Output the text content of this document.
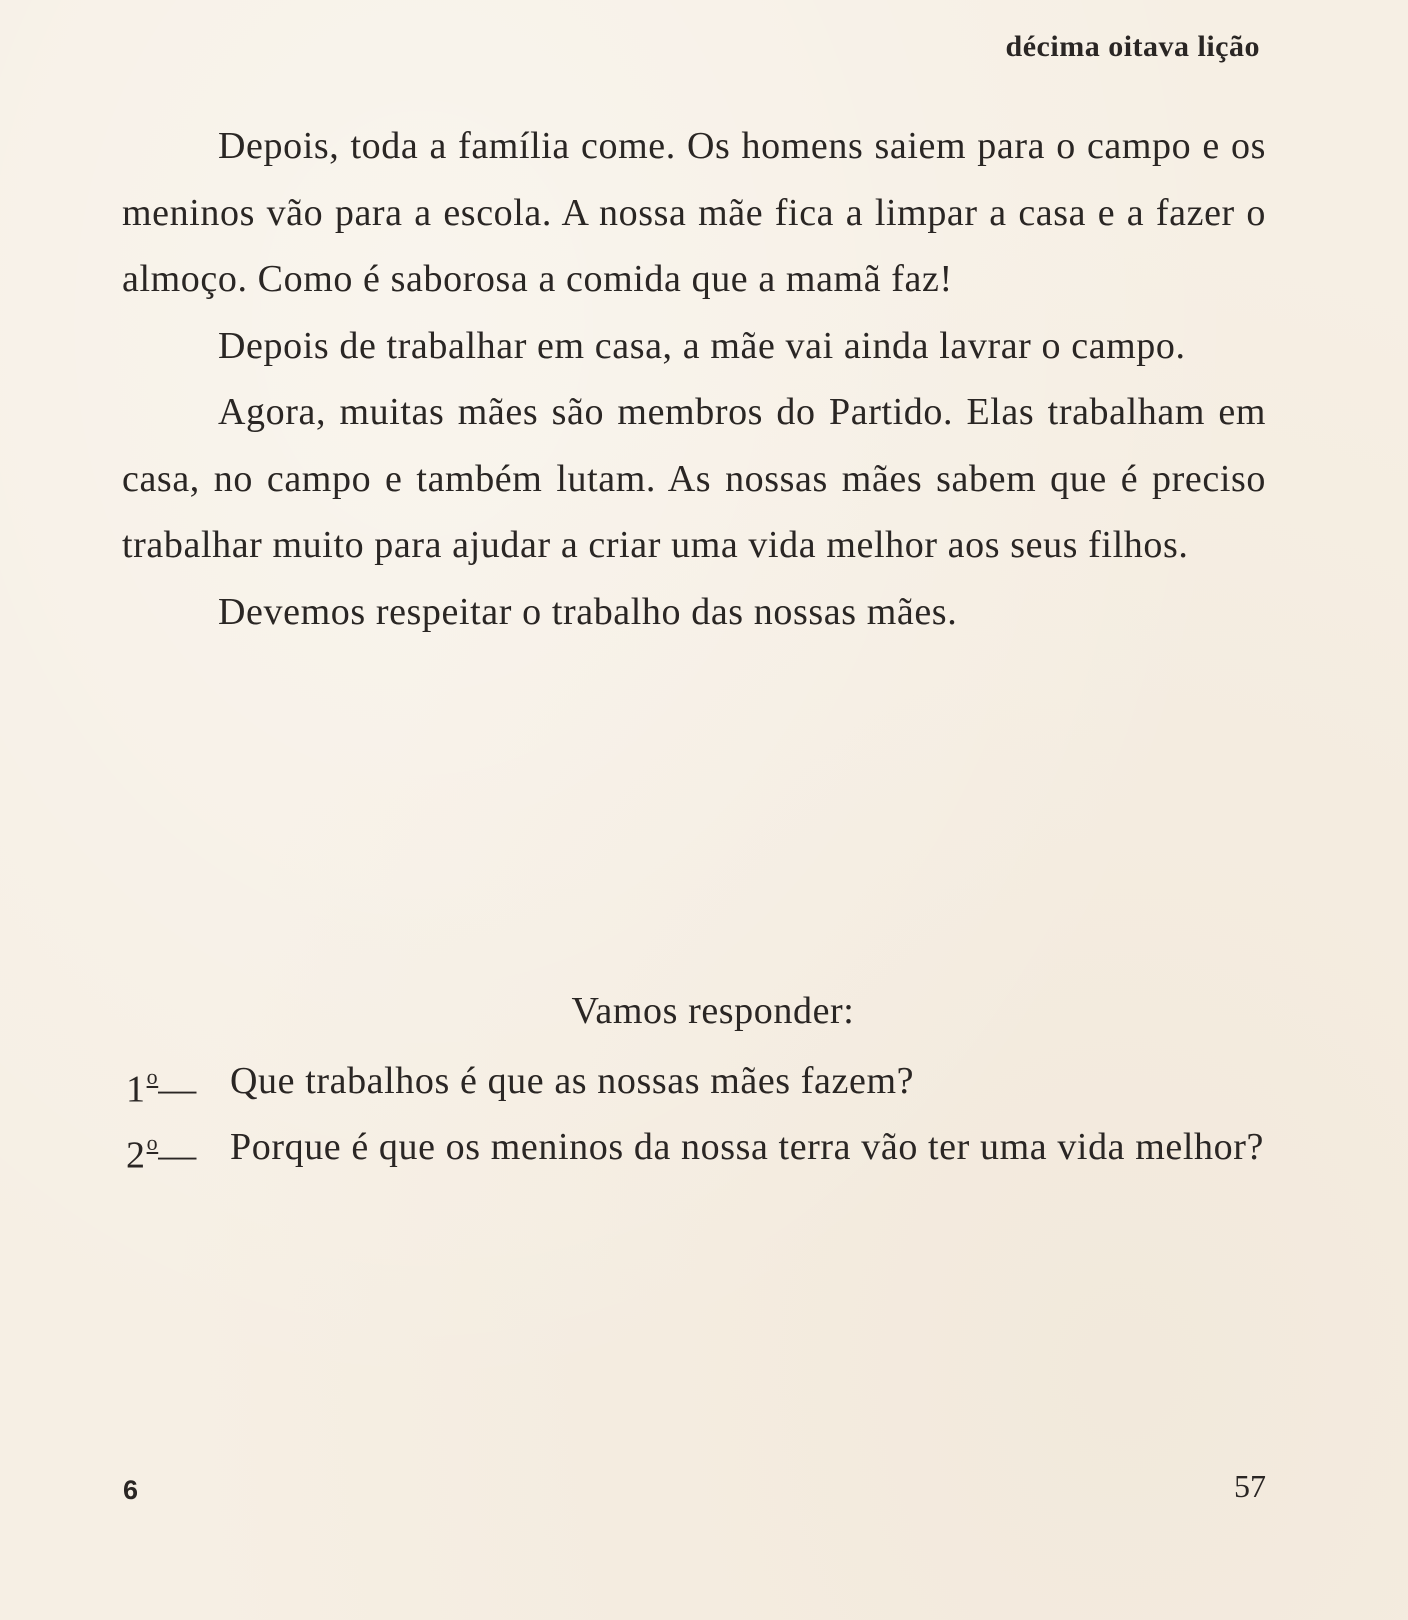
décima oitava lição

Depois, toda a família come. Os homens saiem para o campo e os meninos vão para a escola. A nossa mãe fica a limpar a casa e a fazer o almoço. Como é saborosa a comida que a mamã faz!

Depois de trabalhar em casa, a mãe vai ainda lavrar o campo.

Agora, muitas mães são membros do Partido. Elas trabalham em casa, no campo e também lutam. As nossas mães sabem que é preciso trabalhar muito para ajudar a criar uma vida melhor aos seus filhos.

Devemos respeitar o trabalho das nossas mães.

Vamos responder:
1$^o$— Que trabalhos é que as nossas mães fazem?
2$^o$— Porque é que os meninos da nossa terra vão ter uma vida melhor?
6	57
